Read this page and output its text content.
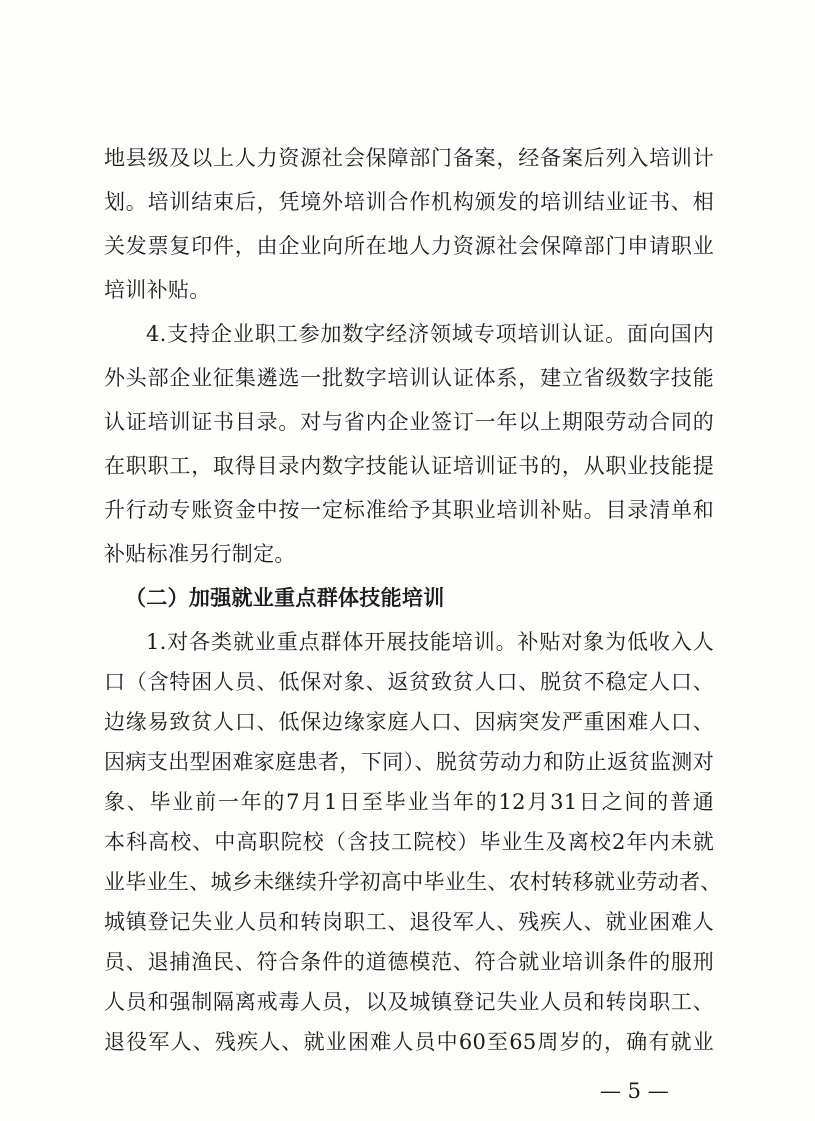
地县级及以上人力资源社会保障部门备案，经备案后列入培训计
划。培训结束后，凭境外培训合作机构颁发的培训结业证书、相
关发票复印件，由企业向所在地人力资源社会保障部门申请职业
培训补贴。
4.支持企业职工参加数字经济领域专项培训认证。面向国内
外头部企业征集遴选一批数字培训认证体系，建立省级数字技能
认证培训证书目录。对与省内企业签订一年以上期限劳动合同的
在职职工，取得目录内数字技能认证培训证书的，从职业技能提
升行动专账资金中按一定标准给予其职业培训补贴。目录清单和
补贴标准另行制定。
（二）加强就业重点群体技能培训
1.对各类就业重点群体开展技能培训。补贴对象为低收入人
口（含特困人员、低保对象、返贫致贫人口、脱贫不稳定人口、
边缘易致贫人口、低保边缘家庭人口、因病突发严重困难人口、
因病支出型困难家庭患者，下同）、脱贫劳动力和防止返贫监测对
象、毕业前一年的7月1日至毕业当年的12月31日之间的普通
本科高校、中高职院校（含技工院校）毕业生及离校2年内未就
业毕业生、城乡未继续升学初高中毕业生、农村转移就业劳动者、
城镇登记失业人员和转岗职工、退役军人、残疾人、就业困难人
员、退捕渔民、符合条件的道德模范、符合就业培训条件的服刑
人员和强制隔离戒毒人员，以及城镇登记失业人员和转岗职工、
退役军人、残疾人、就业困难人员中60至65周岁的，确有就业
— 5 —
